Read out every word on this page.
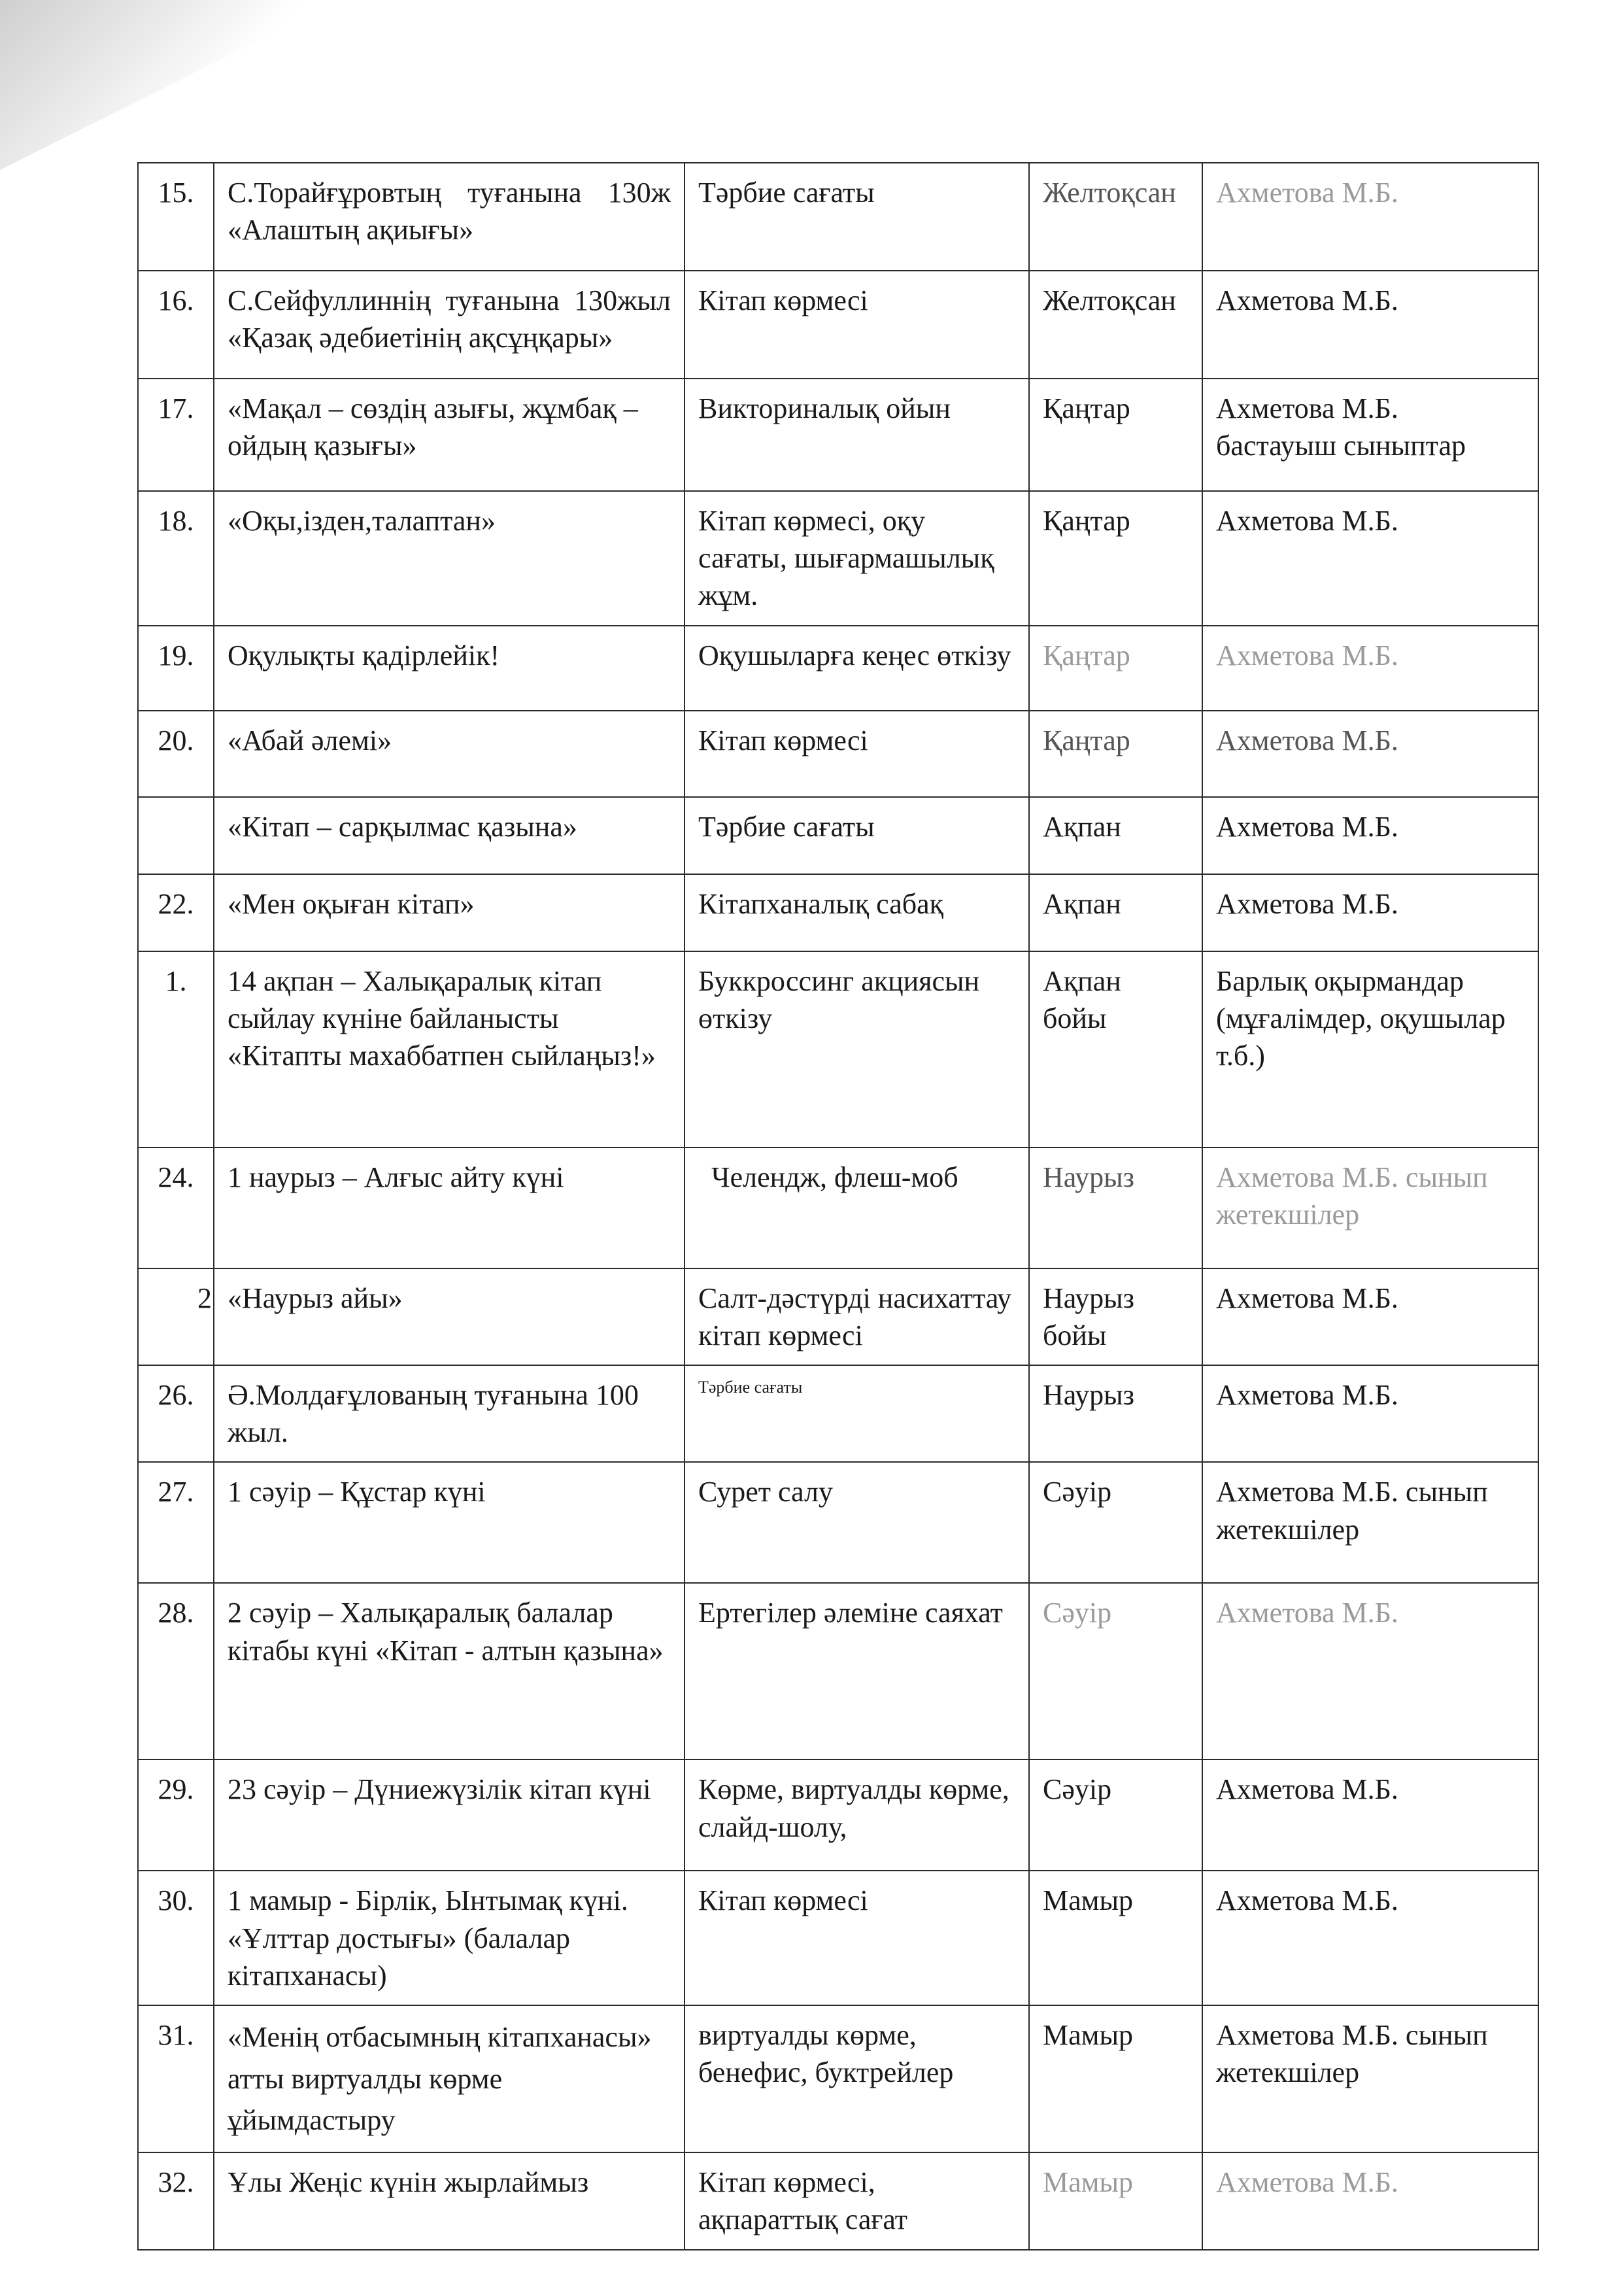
15.	С.Торайғұровтың туғанына 130ж «Алаштың ақиығы»	Тәрбие сағаты	Желтоқсан	Ахметова М.Б.
16.	С.Сейфуллиннің туғанына 130жыл «Қазақ әдебиетінің ақсұңқары»	Кітап көрмесі	Желтоқсан	Ахметова М.Б.
17.	«Мақал – сөздің азығы, жұмбақ – ойдың қазығы»	Викториналық ойын	Қаңтар	Ахметова М.Б. бастауыш сыныптар
18.	«Оқы,ізден,талаптан»	Кітап көрмесі, оқу сағаты, шығармашылық жұм.	Қаңтар	Ахметова М.Б.
19.	Оқулықты қадірлейік!	Оқушыларға кеңес өткізу	Қаңтар	Ахметова М.Б.
20.	«Абай әлемі»	Кітап көрмесі	Қаңтар	Ахметова М.Б.
	«Кітап – сарқылмас қазына»	Тәрбие сағаты	Ақпан	Ахметова М.Б.
22.	«Мен оқыған кітап»	Кітапханалық сабақ	Ақпан	Ахметова М.Б.
1.	14 ақпан – Халықаралық кітап сыйлау күніне байланысты «Кітапты махаббатпен сыйлаңыз!»	Буккроссинг акциясын өткізу	Ақпан бойы	Барлық оқырмандар (мұғалімдер, оқушылар т.б.)
24.	1 наурыз – Алғыс айту күні	Челендж, флеш-моб	Наурыз	Ахметова М.Б. сынып жетекшілер
2	«Наурыз айы»	Салт-дәстүрді насихаттау кітап көрмесі	Наурыз бойы	Ахметова М.Б.
26.	Ә.Молдағұлованың туғанына 100 жыл.	Тәрбие сағаты	Наурыз	Ахметова М.Б.
27.	1 сәуір – Құстар күні	Сурет салу	Сәуір	Ахметова М.Б. сынып жетекшілер
28.	2 сәуір – Халықаралық балалар кітабы күні «Кітап - алтын қазына»	Ертегілер әлеміне саяхат	Сәуір	Ахметова М.Б.
29.	23 сәуір – Дүниежүзілік кітап күні	Көрме, виртуалды көрме, слайд-шолу,	Сәуір	Ахметова М.Б.
30.	1 мамыр - Бірлік, Ынтымақ күні. «Ұлттар достығы» (балалар кітапханасы)	Кітап көрмесі	Мамыр	Ахметова М.Б.
31.	«Менің отбасымның кітапханасы» атты виртуалды көрме ұйымдастыру	виртуалды көрме, бенефис, буктрейлер	Мамыр	Ахметова М.Б. сынып жетекшілер
32.	Ұлы Жеңіс күнін жырлаймыз	Кітап көрмесі, ақпараттық сағат	Мамыр	Ахметова М.Б.
